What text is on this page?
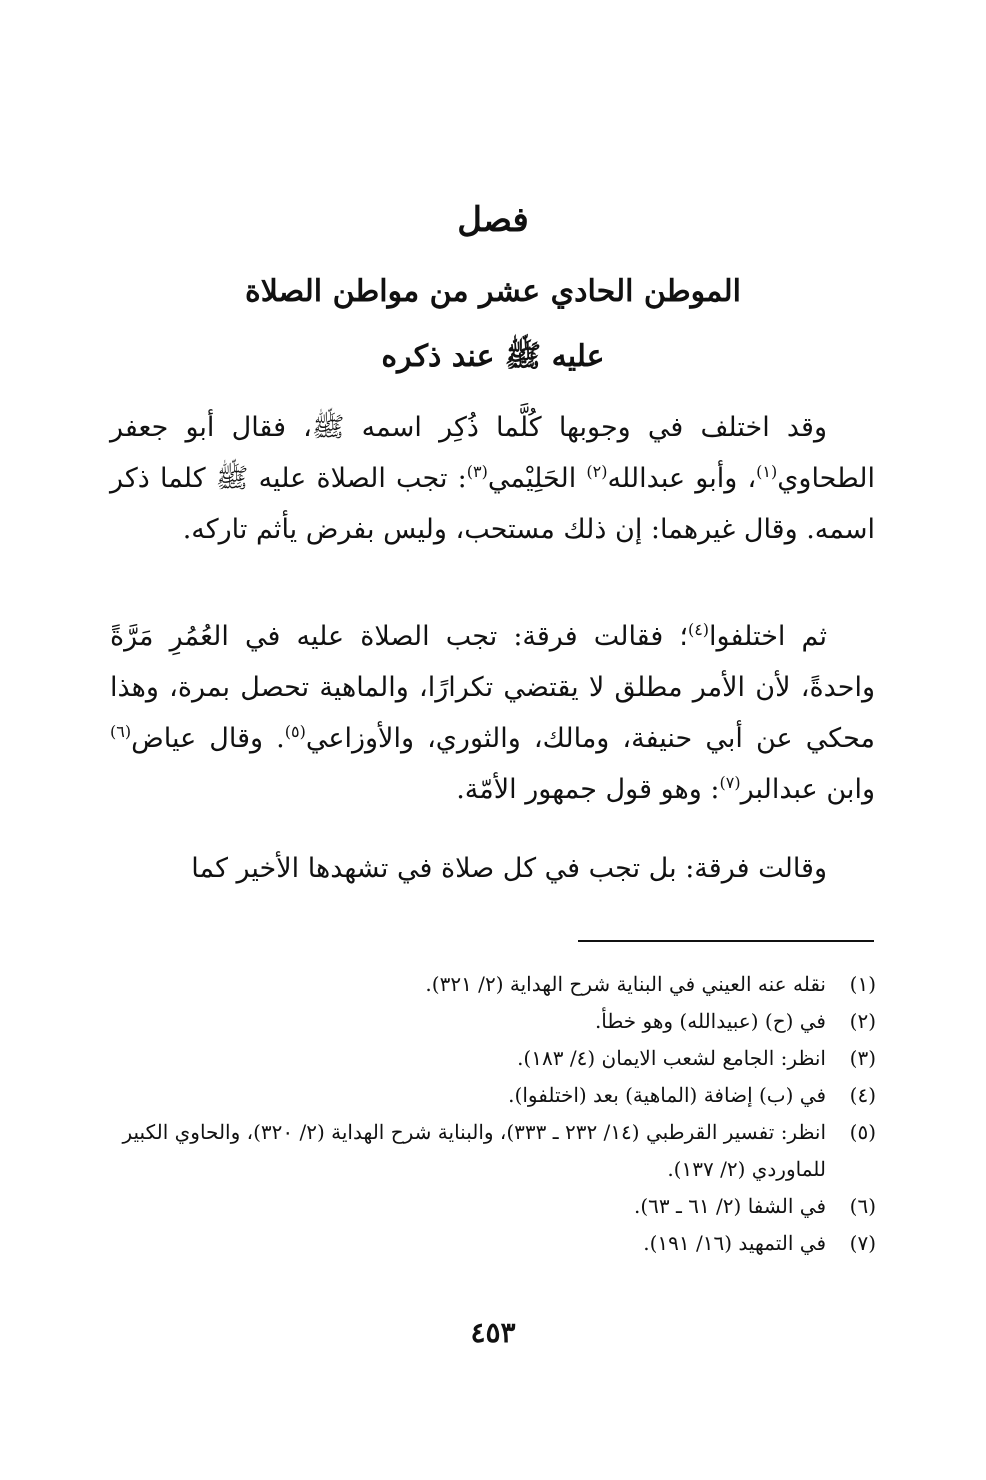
فصل
الموطن الحادي عشر من مواطن الصلاة
عليه ﷺ عند ذكره

وقد اختلف في وجوبها كُلَّما ذُكِر اسمه ﷺ، فقال أبو جعفر الطحاوي$^{(١)}$، وأبو عبدالله$^{(٢)}$ الحَلِيْمي$^{(٣)}$: تجب الصلاة عليه ﷺ كلما ذكر اسمه. وقال غيرهما: إن ذلك مستحب، وليس بفرض يأثم تاركه.

ثم اختلفوا$^{(٤)}$؛ فقالت فرقة: تجب الصلاة عليه في العُمُرِ مَرَّةً واحدةً، لأن الأمر مطلق لا يقتضي تكرارًا، والماهية تحصل بمرة، وهذا محكي عن أبي حنيفة، ومالك، والثوري، والأوزاعي$^{(٥)}$. وقال عياض$^{(٦)}$ وابن عبدالبر$^{(٧)}$: وهو قول جمهور الأمّة.

وقالت فرقة: بل تجب في كل صلاة في تشهدها الأخير كما

(١)
نقله عنه العيني في البناية شرح الهداية (٢/ ٣٢١).
(٢)
في (ح) (عبيدالله) وهو خطأ.
(٣)
انظر: الجامع لشعب الايمان (٤/ ١٨٣).
(٤)
في (ب) إضافة (الماهية) بعد (اختلفوا).
(٥)
انظر: تفسير القرطبي (١٤/ ٢٣٢ ـ ٣٣٣)، والبناية شرح الهداية (٢/ ٣٢٠)، والحاوي الكبير للماوردي (٢/ ١٣٧).
(٦)
في الشفا (٢/ ٦١ ـ ٦٣).
(٧)
في التمهيد (١٦/ ١٩١).
٤٥٣
